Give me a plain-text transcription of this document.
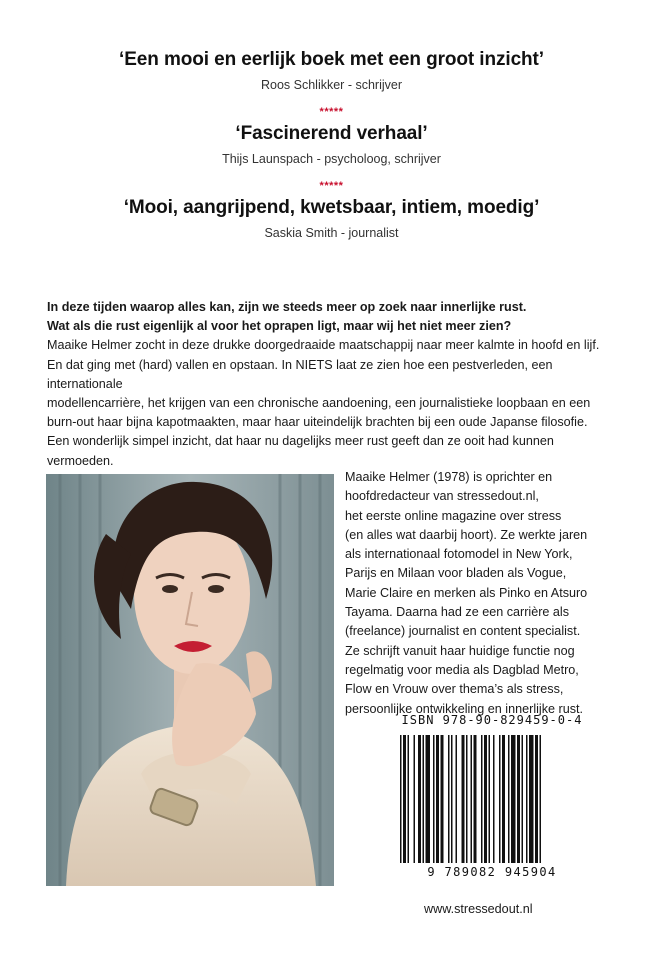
‘Een mooi en eerlijk boek met een groot inzicht’
Roos Schlikker - schrijver
*****
‘Fascinerend verhaal’
Thijs Launspach - psycholoog, schrijver
*****
‘Mooi, aangrijpend, kwetsbaar, intiem, moedig’
Saskia Smith - journalist

In deze tijden waarop alles kan, zijn we steeds meer op zoek naar innerlijke rust.

Wat als die rust eigenlijk al voor het oprapen ligt, maar wij het niet meer zien?

Maaike Helmer zocht in deze drukke doorgedraaide maatschappij naar meer kalmte in hoofd en lijf.

En dat ging met (hard) vallen en opstaan. In NIETS laat ze zien hoe een pestverleden, een internationale

modellencarrière, het krijgen van een chronische aandoening, een journalistieke loopbaan en een

burn-out haar bijna kapotmaakten, maar haar uiteindelijk brachten bij een oude Japanse filosofie.

Een wonderlijk simpel inzicht, dat haar nu dagelijks meer rust geeft dan ze ooit had kunnen vermoeden.

Maaike Helmer (1978) is oprichter en

hoofdredacteur van stressedout.nl,

het eerste online magazine over stress

(en alles wat daarbij hoort). Ze werkte jaren

als internationaal fotomodel in New York,

Parijs en Milaan voor bladen als Vogue,

Marie Claire en merken als Pinko en Atsuro

Tayama. Daarna had ze een carrière als

(freelance) journalist en content specialist.

Ze schrijft vanuit haar huidige functie nog

regelmatig voor media als Dagblad Metro,

Flow en Vrouw over thema’s als stress,

persoonlijke ontwikkeling en innerlijke rust.

ISBN 978-90-829459-0-4
9 789082 945904
www.stressedout.nl
